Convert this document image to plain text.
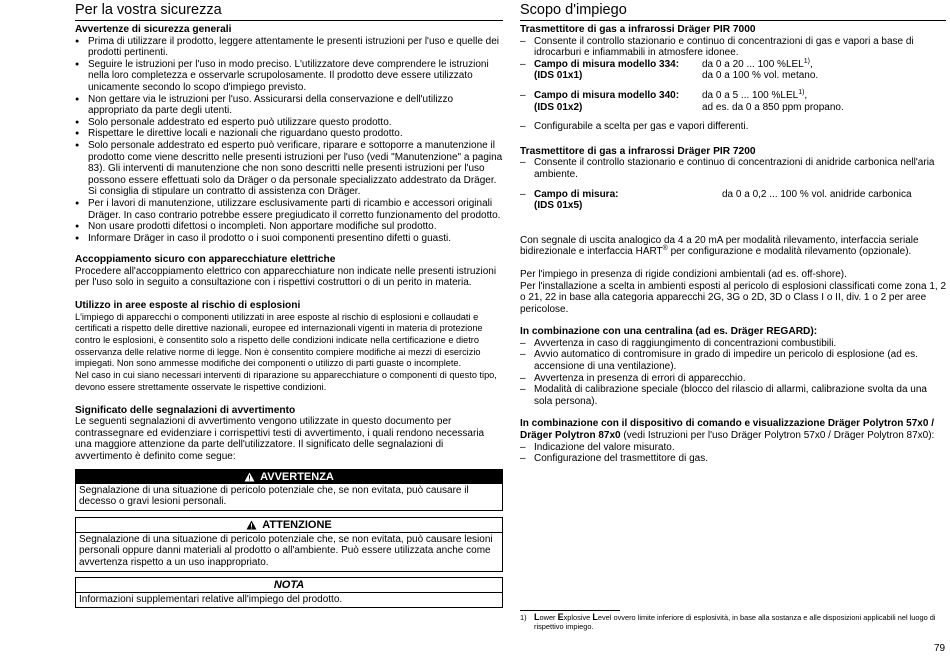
Per la vostra sicurezza
Avvertenze di sicurezza generali
● Prima di utilizzare il prodotto, leggere attentamente le presenti istruzioni per l'uso e quelle dei prodotti pertinenti.
● Seguire le istruzioni per l'uso in modo preciso. L'utilizzatore deve comprendere le istruzioni nella loro completezza e osservarle scrupolosamente. Il prodotto deve essere utilizzato unicamente secondo lo scopo d'impiego previsto.
● Non gettare via le istruzioni per l'uso. Assicurarsi della conservazione e dell'utilizzo appropriato da parte degli utenti.
● Solo personale addestrato ed esperto può utilizzare questo prodotto.
● Rispettare le direttive locali e nazionali che riguardano questo prodotto.
● Solo personale addestrato ed esperto può verificare, riparare e sottoporre a manutenzione il prodotto come viene descritto nelle presenti istruzioni per l'uso (vedi "Manutenzione" a pagina 83). Gli interventi di manutenzione che non sono descritti nelle presenti istruzioni per l'uso possono essere effettuati solo da Dräger o da personale specializzato addestrato da Dräger. Si consiglia di stipulare un contratto di assistenza con Dräger.
● Per i lavori di manutenzione, utilizzare esclusivamente parti di ricambio e accessori originali Dräger. In caso contrario potrebbe essere pregiudicato il corretto funzionamento del prodotto.
● Non usare prodotti difettosi o incompleti. Non apportare modifiche sul prodotto.
● Informare Dräger in caso il prodotto o i suoi componenti presentino difetti o guasti.
Accoppiamento sicuro con apparecchiature elettriche

Procedere all'accoppiamento elettrico con apparecchiature non indicate nelle presenti istruzioni per l'uso solo in seguito a consultazione con i rispettivi costruttori o di un perito in materia.

Utilizzo in aree esposte al rischio di esplosioni

L'impiego di apparecchi o componenti utilizzati in aree esposte al rischio di esplosioni e collaudati e certificati a rispetto delle direttive nazionali, europee ed internazionali vigenti in materia di protezione contro le esplosioni, è consentito solo a rispetto delle condizioni indicate nella certificazione e dietro osservanza delle relative norme di legge. Non è consentito compiere modifiche ai mezzi di esercizio impiegati. Non sono ammesse modifiche dei componenti o utilizzo di parti guaste o incomplete.

Nel caso in cui siano necessari interventi di riparazione su apparecchiature o componenti di questo tipo, devono essere strettamente osservate le rispettive condizioni.

Significato delle segnalazioni di avvertimento

Le seguenti segnalazioni di avvertimento vengono utilizzate in questo documento per contrassegnare ed evidenziare i corrispettivi testi di avvertimento, i quali rendono necessaria una maggiore attenzione da parte dell'utilizzatore. Il significato delle segnalazioni di avvertimento è definito come segue:

AVVERTENZA
Segnalazione di una situazione di pericolo potenziale che, se non evitata, può causare il decesso o gravi lesioni personali.
ATTENZIONE
Segnalazione di una situazione di pericolo potenziale che, se non evitata, può causare lesioni personali oppure danni materiali al prodotto o all'ambiente. Può essere utilizzata anche come avvertenza rispetto a un uso inappropriato.
NOTA
Informazioni supplementari relative all'impiego del prodotto.
Scopo d'impiego
Trasmettitore di gas a infrarossi Dräger PIR 7000
– Consente il controllo stazionario e continuo di concentrazioni di gas e vapori a base di idrocarburi e infiammabili in atmosfere idonee.
– Campo di misura modello 334:	da 0 a 20 ... 100 %LEL$^{1)}$,
(IDS 01x1)	da 0 a 100 % vol. metano.
– Campo di misura modello 340:	da 0 a 5 ... 100 %LEL$^{1)}$,
(IDS 01x2)	ad es. da 0 a 850 ppm propano.
– Configurabile a scelta per gas e vapori differenti.
Trasmettitore di gas a infrarossi Dräger PIR 7200
– Consente il controllo stazionario e continuo di concentrazioni di anidride carbonica nell'aria ambiente.
– Campo di misura:	da 0 a 0,2 ... 100 % vol. anidride carbonica
(IDS 01x5)

Con segnale di uscita analogico da 4 a 20 mA per modalità rilevamento, interfaccia seriale bidirezionale e interfaccia HART® per configurazione e modalità rilevamento (opzionale).

Per l'impiego in presenza di rigide condizioni ambientali (ad es. off-shore).

Per l'installazione a scelta in ambienti esposti al pericolo di esplosioni classificati come zona 1, 2 o 21, 22 in base alla categoria apparecchi 2G, 3G o 2D, 3D o Class I o II, div. 1 o 2 per aree pericolose.

In combinazione con una centralina (ad es. Dräger REGARD):
– Avvertenza in caso di raggiungimento di concentrazioni combustibili.
– Avvio automatico di contromisure in grado di impedire un pericolo di esplosione (ad es. accensione di una ventilazione).
– Avvertenza in presenza di errori di apparecchio.
– Modalità di calibrazione speciale (blocco del rilascio di allarmi, calibrazione svolta da una sola persona).

In combinazione con il dispositivo di comando e visualizzazione Dräger Polytron 57x0 / Dräger Polytron 87x0 (vedi Istruzioni per l'uso Dräger Polytron 57x0 / Dräger Polytron 87x0):

– Indicazione del valore misurato.
– Configurazione del trasmettitore di gas.
1) Lower Explosive Level ovvero limite inferiore di esplosività, in base alla sostanza e alle disposizioni applicabili nel luogo di rispettivo impiego.
79
